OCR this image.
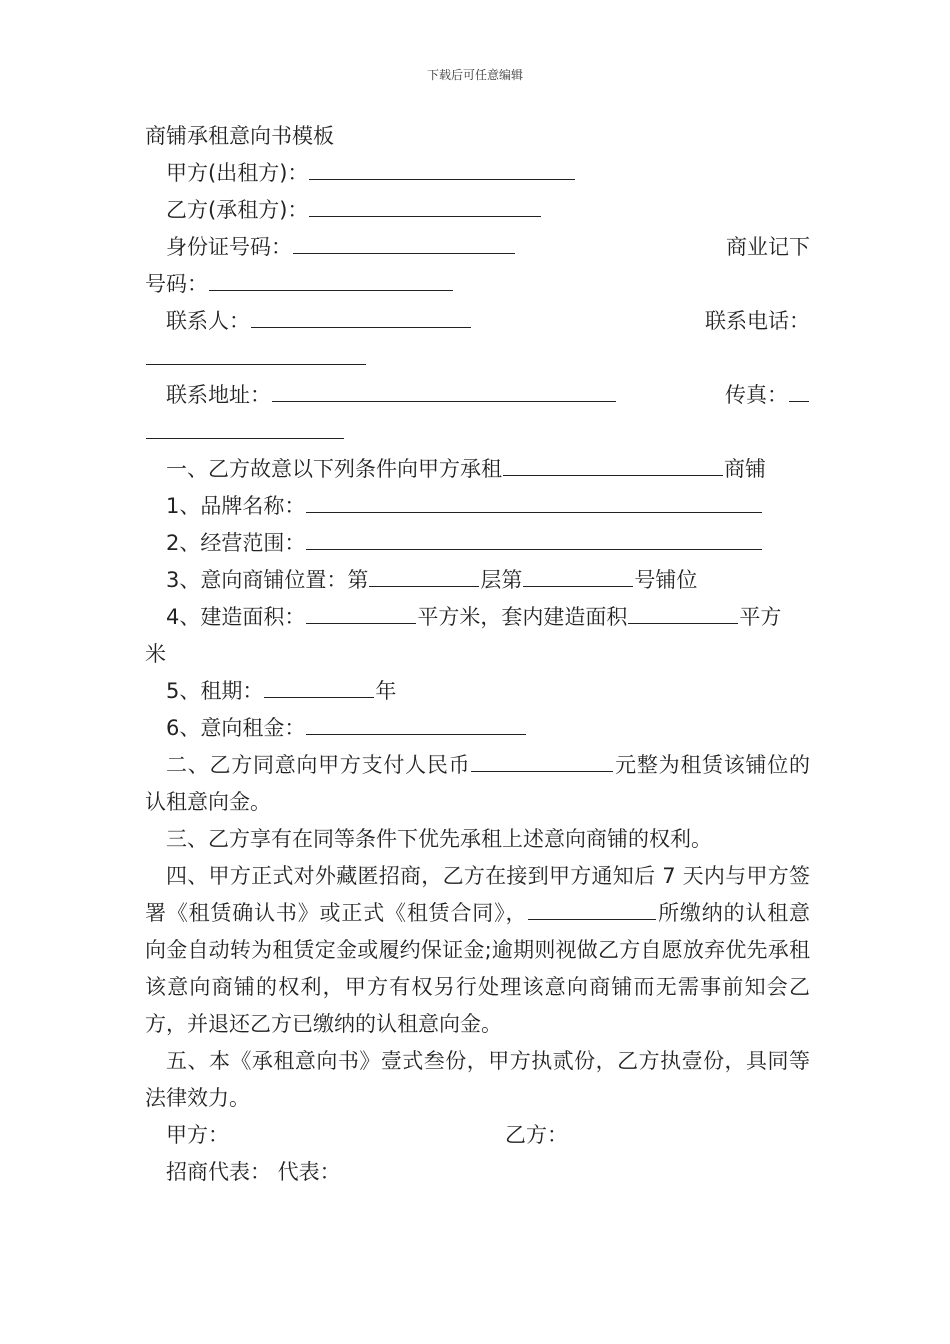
下载后可任意编辑
商铺承租意向书模板
甲方(出租方)：
乙方(承租方)：
身份证号码：	商业记下
号码：
联系人：	联系电话：
联系地址：	传真：
一、乙方故意以下列条件向甲方承租	商铺
1、品牌名称：
2、经营范围：
3、意向商铺位置：第	层第	号铺位
4、建造面积：	平方米，套内建造面积	平方
米
5、租期：	年
6、意向租金：
二、乙方同意向甲方支付人民币	元整为租赁该铺位的认租意向金。
三、乙方享有在同等条件下优先承租上述意向商铺的权利。
四、甲方正式对外藏匿招商，乙方在接到甲方通知后 7 天内与甲方签署《租赁确认书》或正式《租赁合同》，	所缴纳的认租意向金自动转为租赁定金或履约保证金;逾期则视做乙方自愿放弃优先承租该意向商铺的权利，甲方有权另行处理该意向商铺而无需事前知会乙方，并退还乙方已缴纳的认租意向金。
五、本《承租意向书》壹式叁份，甲方执贰份，乙方执壹份，具同等法律效力。
甲方：	乙方：
招商代表： 代表：
